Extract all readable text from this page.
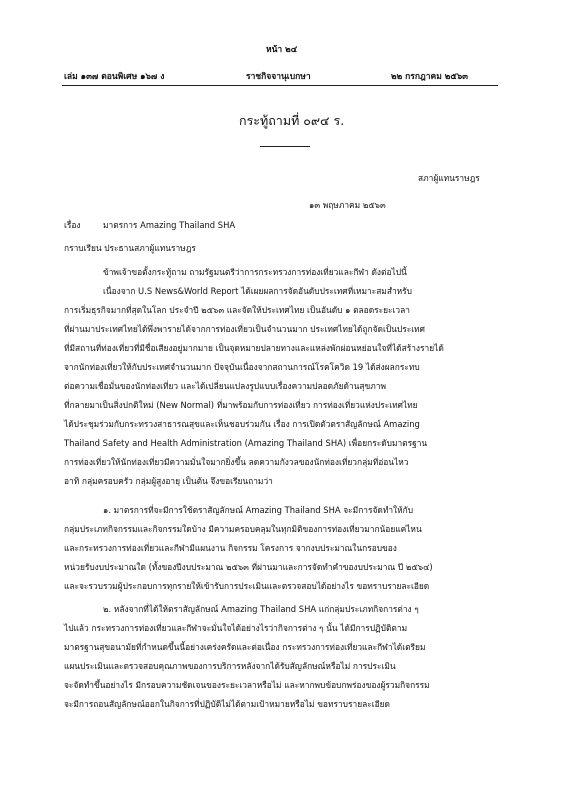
หน้า ๒๔
เล่ม ๑๓๗ ตอนพิเศษ ๑๖๗ ง	ราชกิจจานุเบกษา	๒๒ กรกฎาคม ๒๕๖๓
กระทู้ถามที่ ๐๙๔ ร.
สภาผู้แทนราษฎร
๑๓ พฤษภาคม ๒๕๖๓
เรื่อง	มาตรการ Amazing Thailand SHA
กราบเรียน ประธานสภาผู้แทนราษฎร
ข้าพเจ้าขอตั้งกระทู้ถาม ถามรัฐมนตรีว่าการกระทรวงการท่องเที่ยวและกีฬา ดังต่อไปนี้
เนื่องจาก U.S News&World Report ได้เผยผลการจัดอันดับประเทศที่เหมาะสมสำหรับ
การเริ่มธุรกิจมากที่สุดในโลก ประจำปี ๒๕๖๓ และจัดให้ประเทศไทย เป็นอันดับ ๑ ตลอดระยะเวลา
ที่ผ่านมาประเทศไทยได้พึ่งพารายได้จากการท่องเที่ยวเป็นจำนวนมาก ประเทศไทยได้ถูกจัดเป็นประเทศ
ที่มีสถานที่ท่องเที่ยวที่มีชื่อเสียงอยู่มากมาย เป็นจุดหมายปลายทางและแหล่งพักผ่อนหย่อนใจที่ได้สร้างรายได้
จากนักท่องเที่ยวให้กับประเทศจำนวนมาก ปัจจุบันเนื่องจากสถานการณ์โรคโควิด 19 ได้ส่งผลกระทบ
ต่อความเชื่อมั่นของนักท่องเที่ยว และได้เปลี่ยนแปลงรูปแบบเรื่องความปลอดภัยด้านสุขภาพ
ที่กลายมาเป็นสิ่งปกติใหม่ (New Normal) ที่มาพร้อมกับการท่องเที่ยว การท่องเที่ยวแห่งประเทศไทย
ได้ประชุมร่วมกับกระทรวงสาธารณสุขและเห็นชอบร่วมกัน เรื่อง การเปิดตัวตราสัญลักษณ์ Amazing
Thailand Safety and Health Administration (Amazing Thailand SHA) เพื่อยกระดับมาตรฐาน
การท่องเที่ยวให้นักท่องเที่ยวมีความมั่นใจมากยิ่งขึ้น ลดความกังวลของนักท่องเที่ยวกลุ่มที่อ่อนไหว
อาทิ กลุ่มครอบครัว กลุ่มผู้สูงอายุ เป็นต้น จึงขอเรียนถามว่า
๑. มาตรการที่จะมีการใช้ตราสัญลักษณ์ Amazing Thailand SHA จะมีการจัดทำให้กับ
กลุ่มประเภทกิจกรรมและกิจกรรมใดบ้าง มีความครอบคลุมในทุกมิติของการท่องเที่ยวมากน้อยแค่ไหน
และกระทรวงการท่องเที่ยวและกีฬามีแผนงาน กิจกรรม โครงการ จากงบประมาณในกรอบของ
หน่วยรับงบประมาณใด (ทั้งของปีงบประมาณ ๒๕๖๓ ที่ผ่านมาและการจัดทำคำของบประมาณ ปี ๒๕๖๔)
และจะรวบรวมผู้ประกอบการทุกรายให้เข้ารับการประเมินและตรวจสอบได้อย่างไร ขอทราบรายละเอียด
๒. หลังจากที่ได้ให้ตราสัญลักษณ์ Amazing Thailand SHA แก่กลุ่มประเภทกิจการต่าง ๆ
ไปแล้ว กระทรวงการท่องเที่ยวและกีฬาจะมั่นใจได้อย่างไรว่ากิจการต่าง ๆ นั้น ได้มีการปฏิบัติตาม
มาตรฐานสุขอนามัยที่กำหนดขึ้นนี้อย่างเคร่งครัดและต่อเนื่อง กระทรวงการท่องเที่ยวและกีฬาได้เตรียม
แผนประเมินและตรวจสอบคุณภาพของการบริการหลังจากได้รับสัญลักษณ์หรือไม่ การประเมิน
จะจัดทำขึ้นอย่างไร มีกรอบความชัดเจนของระยะเวลาหรือไม่ และหากพบข้อบกพร่องของผู้รวมกิจกรรม
จะมีการถอนสัญลักษณ์ออกในกิจการที่ปฏิบัติไม่ได้ตามเป้าหมายหรือไม่ ขอทราบรายละเอียด
